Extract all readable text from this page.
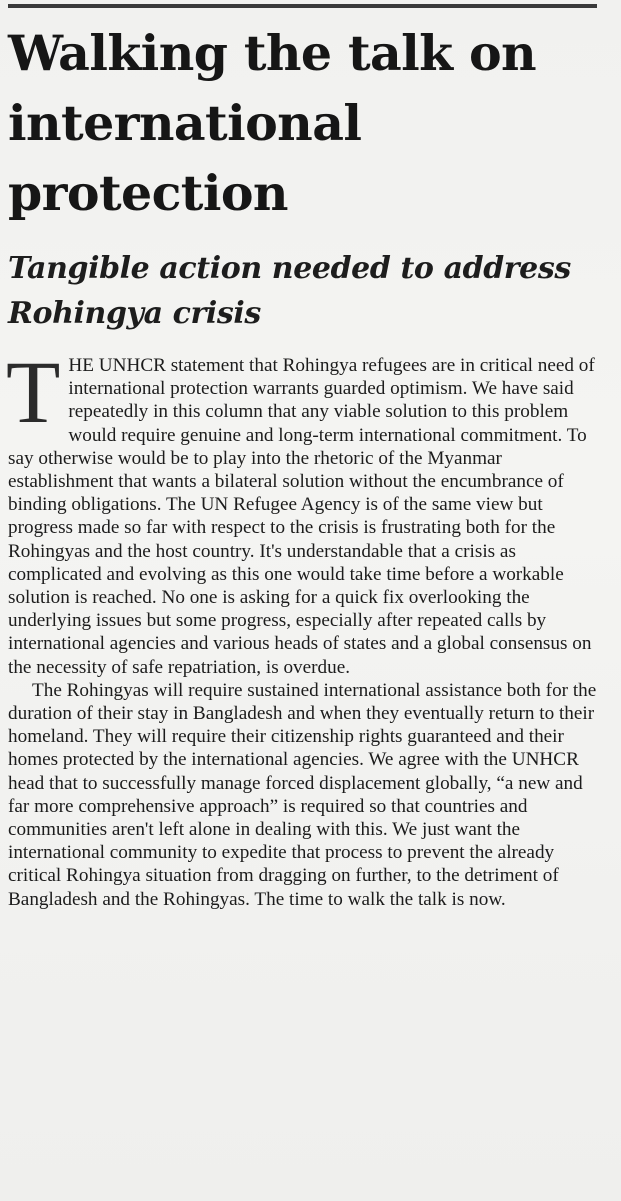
Walking the talk on international protection
Tangible action needed to address Rohingya crisis

THE UNHCR statement that Rohingya refugees are in critical need of international protection warrants guarded optimism. We have said repeatedly in this column that any viable solution to this problem would require genuine and long-term international commitment. To say otherwise would be to play into the rhetoric of the Myanmar establishment that wants a bilateral solution without the encumbrance of binding obligations. The UN Refugee Agency is of the same view but progress made so far with respect to the crisis is frustrating both for the Rohingyas and the host country. It's understandable that a crisis as complicated and evolving as this one would take time before a workable solution is reached. No one is asking for a quick fix overlooking the underlying issues but some progress, especially after repeated calls by international agencies and various heads of states and a global consensus on the necessity of safe repatriation, is overdue.

The Rohingyas will require sustained international assistance both for the duration of their stay in Bangladesh and when they eventually return to their homeland. They will require their citizenship rights guaranteed and their homes protected by the international agencies. We agree with the UNHCR head that to successfully manage forced displacement globally, “a new and far more comprehensive approach” is required so that countries and communities aren't left alone in dealing with this. We just want the international community to expedite that process to prevent the already critical Rohingya situation from dragging on further, to the detriment of Bangladesh and the Rohingyas. The time to walk the talk is now.
